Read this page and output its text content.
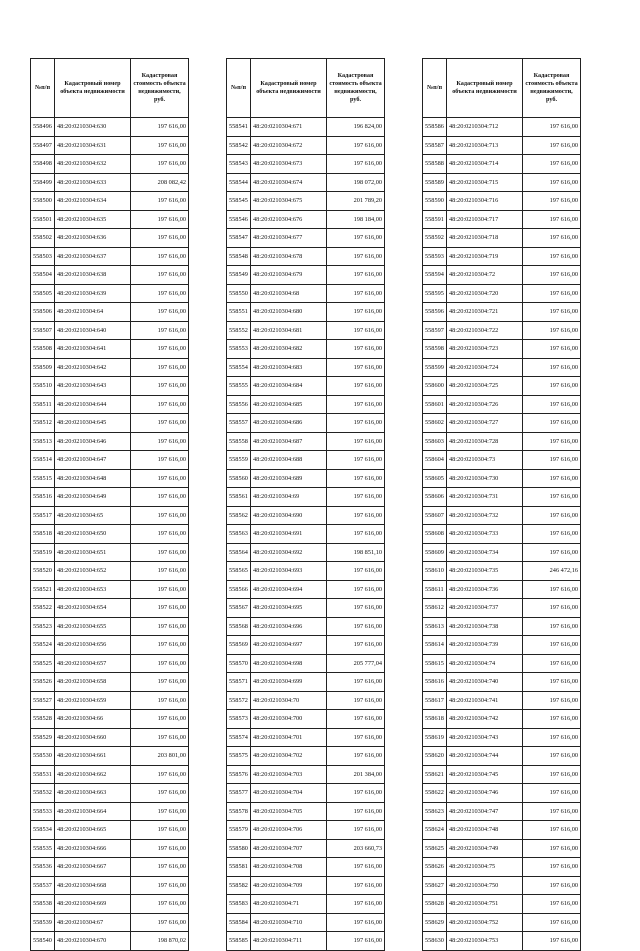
№п/п	Кадастровый номер объекта недвижимости	Кадастровая стоимость объекта недвижимости, руб.
558496	48:20:0210304:630	197 616,00
558497	48:20:0210304:631	197 616,00
558498	48:20:0210304:632	197 616,00
558499	48:20:0210304:633	208 082,42
558500	48:20:0210304:634	197 616,00
558501	48:20:0210304:635	197 616,00
558502	48:20:0210304:636	197 616,00
558503	48:20:0210304:637	197 616,00
558504	48:20:0210304:638	197 616,00
558505	48:20:0210304:639	197 616,00
558506	48:20:0210304:64	197 616,00
558507	48:20:0210304:640	197 616,00
558508	48:20:0210304:641	197 616,00
558509	48:20:0210304:642	197 616,00
558510	48:20:0210304:643	197 616,00
558511	48:20:0210304:644	197 616,00
558512	48:20:0210304:645	197 616,00
558513	48:20:0210304:646	197 616,00
558514	48:20:0210304:647	197 616,00
558515	48:20:0210304:648	197 616,00
558516	48:20:0210304:649	197 616,00
558517	48:20:0210304:65	197 616,00
558518	48:20:0210304:650	197 616,00
558519	48:20:0210304:651	197 616,00
558520	48:20:0210304:652	197 616,00
558521	48:20:0210304:653	197 616,00
558522	48:20:0210304:654	197 616,00
558523	48:20:0210304:655	197 616,00
558524	48:20:0210304:656	197 616,00
558525	48:20:0210304:657	197 616,00
558526	48:20:0210304:658	197 616,00
558527	48:20:0210304:659	197 616,00
558528	48:20:0210304:66	197 616,00
558529	48:20:0210304:660	197 616,00
558530	48:20:0210304:661	203 801,00
558531	48:20:0210304:662	197 616,00
558532	48:20:0210304:663	197 616,00
558533	48:20:0210304:664	197 616,00
558534	48:20:0210304:665	197 616,00
558535	48:20:0210304:666	197 616,00
558536	48:20:0210304:667	197 616,00
558537	48:20:0210304:668	197 616,00
558538	48:20:0210304:669	197 616,00
558539	48:20:0210304:67	197 616,00
558540	48:20:0210304:670	198 870,02
№п/п	Кадастровый номер объекта недвижимости	Кадастровая стоимость объекта недвижимости, руб.
558541	48:20:0210304:671	196 824,00
558542	48:20:0210304:672	197 616,00
558543	48:20:0210304:673	197 616,00
558544	48:20:0210304:674	198 072,00
558545	48:20:0210304:675	201 789,20
558546	48:20:0210304:676	198 184,00
558547	48:20:0210304:677	197 616,00
558548	48:20:0210304:678	197 616,00
558549	48:20:0210304:679	197 616,00
558550	48:20:0210304:68	197 616,00
558551	48:20:0210304:680	197 616,00
558552	48:20:0210304:681	197 616,00
558553	48:20:0210304:682	197 616,00
558554	48:20:0210304:683	197 616,00
558555	48:20:0210304:684	197 616,00
558556	48:20:0210304:685	197 616,00
558557	48:20:0210304:686	197 616,00
558558	48:20:0210304:687	197 616,00
558559	48:20:0210304:688	197 616,00
558560	48:20:0210304:689	197 616,00
558561	48:20:0210304:69	197 616,00
558562	48:20:0210304:690	197 616,00
558563	48:20:0210304:691	197 616,00
558564	48:20:0210304:692	198 851,10
558565	48:20:0210304:693	197 616,00
558566	48:20:0210304:694	197 616,00
558567	48:20:0210304:695	197 616,00
558568	48:20:0210304:696	197 616,00
558569	48:20:0210304:697	197 616,00
558570	48:20:0210304:698	205 777,04
558571	48:20:0210304:699	197 616,00
558572	48:20:0210304:70	197 616,00
558573	48:20:0210304:700	197 616,00
558574	48:20:0210304:701	197 616,00
558575	48:20:0210304:702	197 616,00
558576	48:20:0210304:703	201 384,00
558577	48:20:0210304:704	197 616,00
558578	48:20:0210304:705	197 616,00
558579	48:20:0210304:706	197 616,00
558580	48:20:0210304:707	203 660,73
558581	48:20:0210304:708	197 616,00
558582	48:20:0210304:709	197 616,00
558583	48:20:0210304:71	197 616,00
558584	48:20:0210304:710	197 616,00
558585	48:20:0210304:711	197 616,00
№п/п	Кадастровый номер объекта недвижимости	Кадастровая стоимость объекта недвижимости, руб.
558586	48:20:0210304:712	197 616,00
558587	48:20:0210304:713	197 616,00
558588	48:20:0210304:714	197 616,00
558589	48:20:0210304:715	197 616,00
558590	48:20:0210304:716	197 616,00
558591	48:20:0210304:717	197 616,00
558592	48:20:0210304:718	197 616,00
558593	48:20:0210304:719	197 616,00
558594	48:20:0210304:72	197 616,00
558595	48:20:0210304:720	197 616,00
558596	48:20:0210304:721	197 616,00
558597	48:20:0210304:722	197 616,00
558598	48:20:0210304:723	197 616,00
558599	48:20:0210304:724	197 616,00
558600	48:20:0210304:725	197 616,00
558601	48:20:0210304:726	197 616,00
558602	48:20:0210304:727	197 616,00
558603	48:20:0210304:728	197 616,00
558604	48:20:0210304:73	197 616,00
558605	48:20:0210304:730	197 616,00
558606	48:20:0210304:731	197 616,00
558607	48:20:0210304:732	197 616,00
558608	48:20:0210304:733	197 616,00
558609	48:20:0210304:734	197 616,00
558610	48:20:0210304:735	246 472,16
558611	48:20:0210304:736	197 616,00
558612	48:20:0210304:737	197 616,00
558613	48:20:0210304:738	197 616,00
558614	48:20:0210304:739	197 616,00
558615	48:20:0210304:74	197 616,00
558616	48:20:0210304:740	197 616,00
558617	48:20:0210304:741	197 616,00
558618	48:20:0210304:742	197 616,00
558619	48:20:0210304:743	197 616,00
558620	48:20:0210304:744	197 616,00
558621	48:20:0210304:745	197 616,00
558622	48:20:0210304:746	197 616,00
558623	48:20:0210304:747	197 616,00
558624	48:20:0210304:748	197 616,00
558625	48:20:0210304:749	197 616,00
558626	48:20:0210304:75	197 616,00
558627	48:20:0210304:750	197 616,00
558628	48:20:0210304:751	197 616,00
558629	48:20:0210304:752	197 616,00
558630	48:20:0210304:753	197 616,00
